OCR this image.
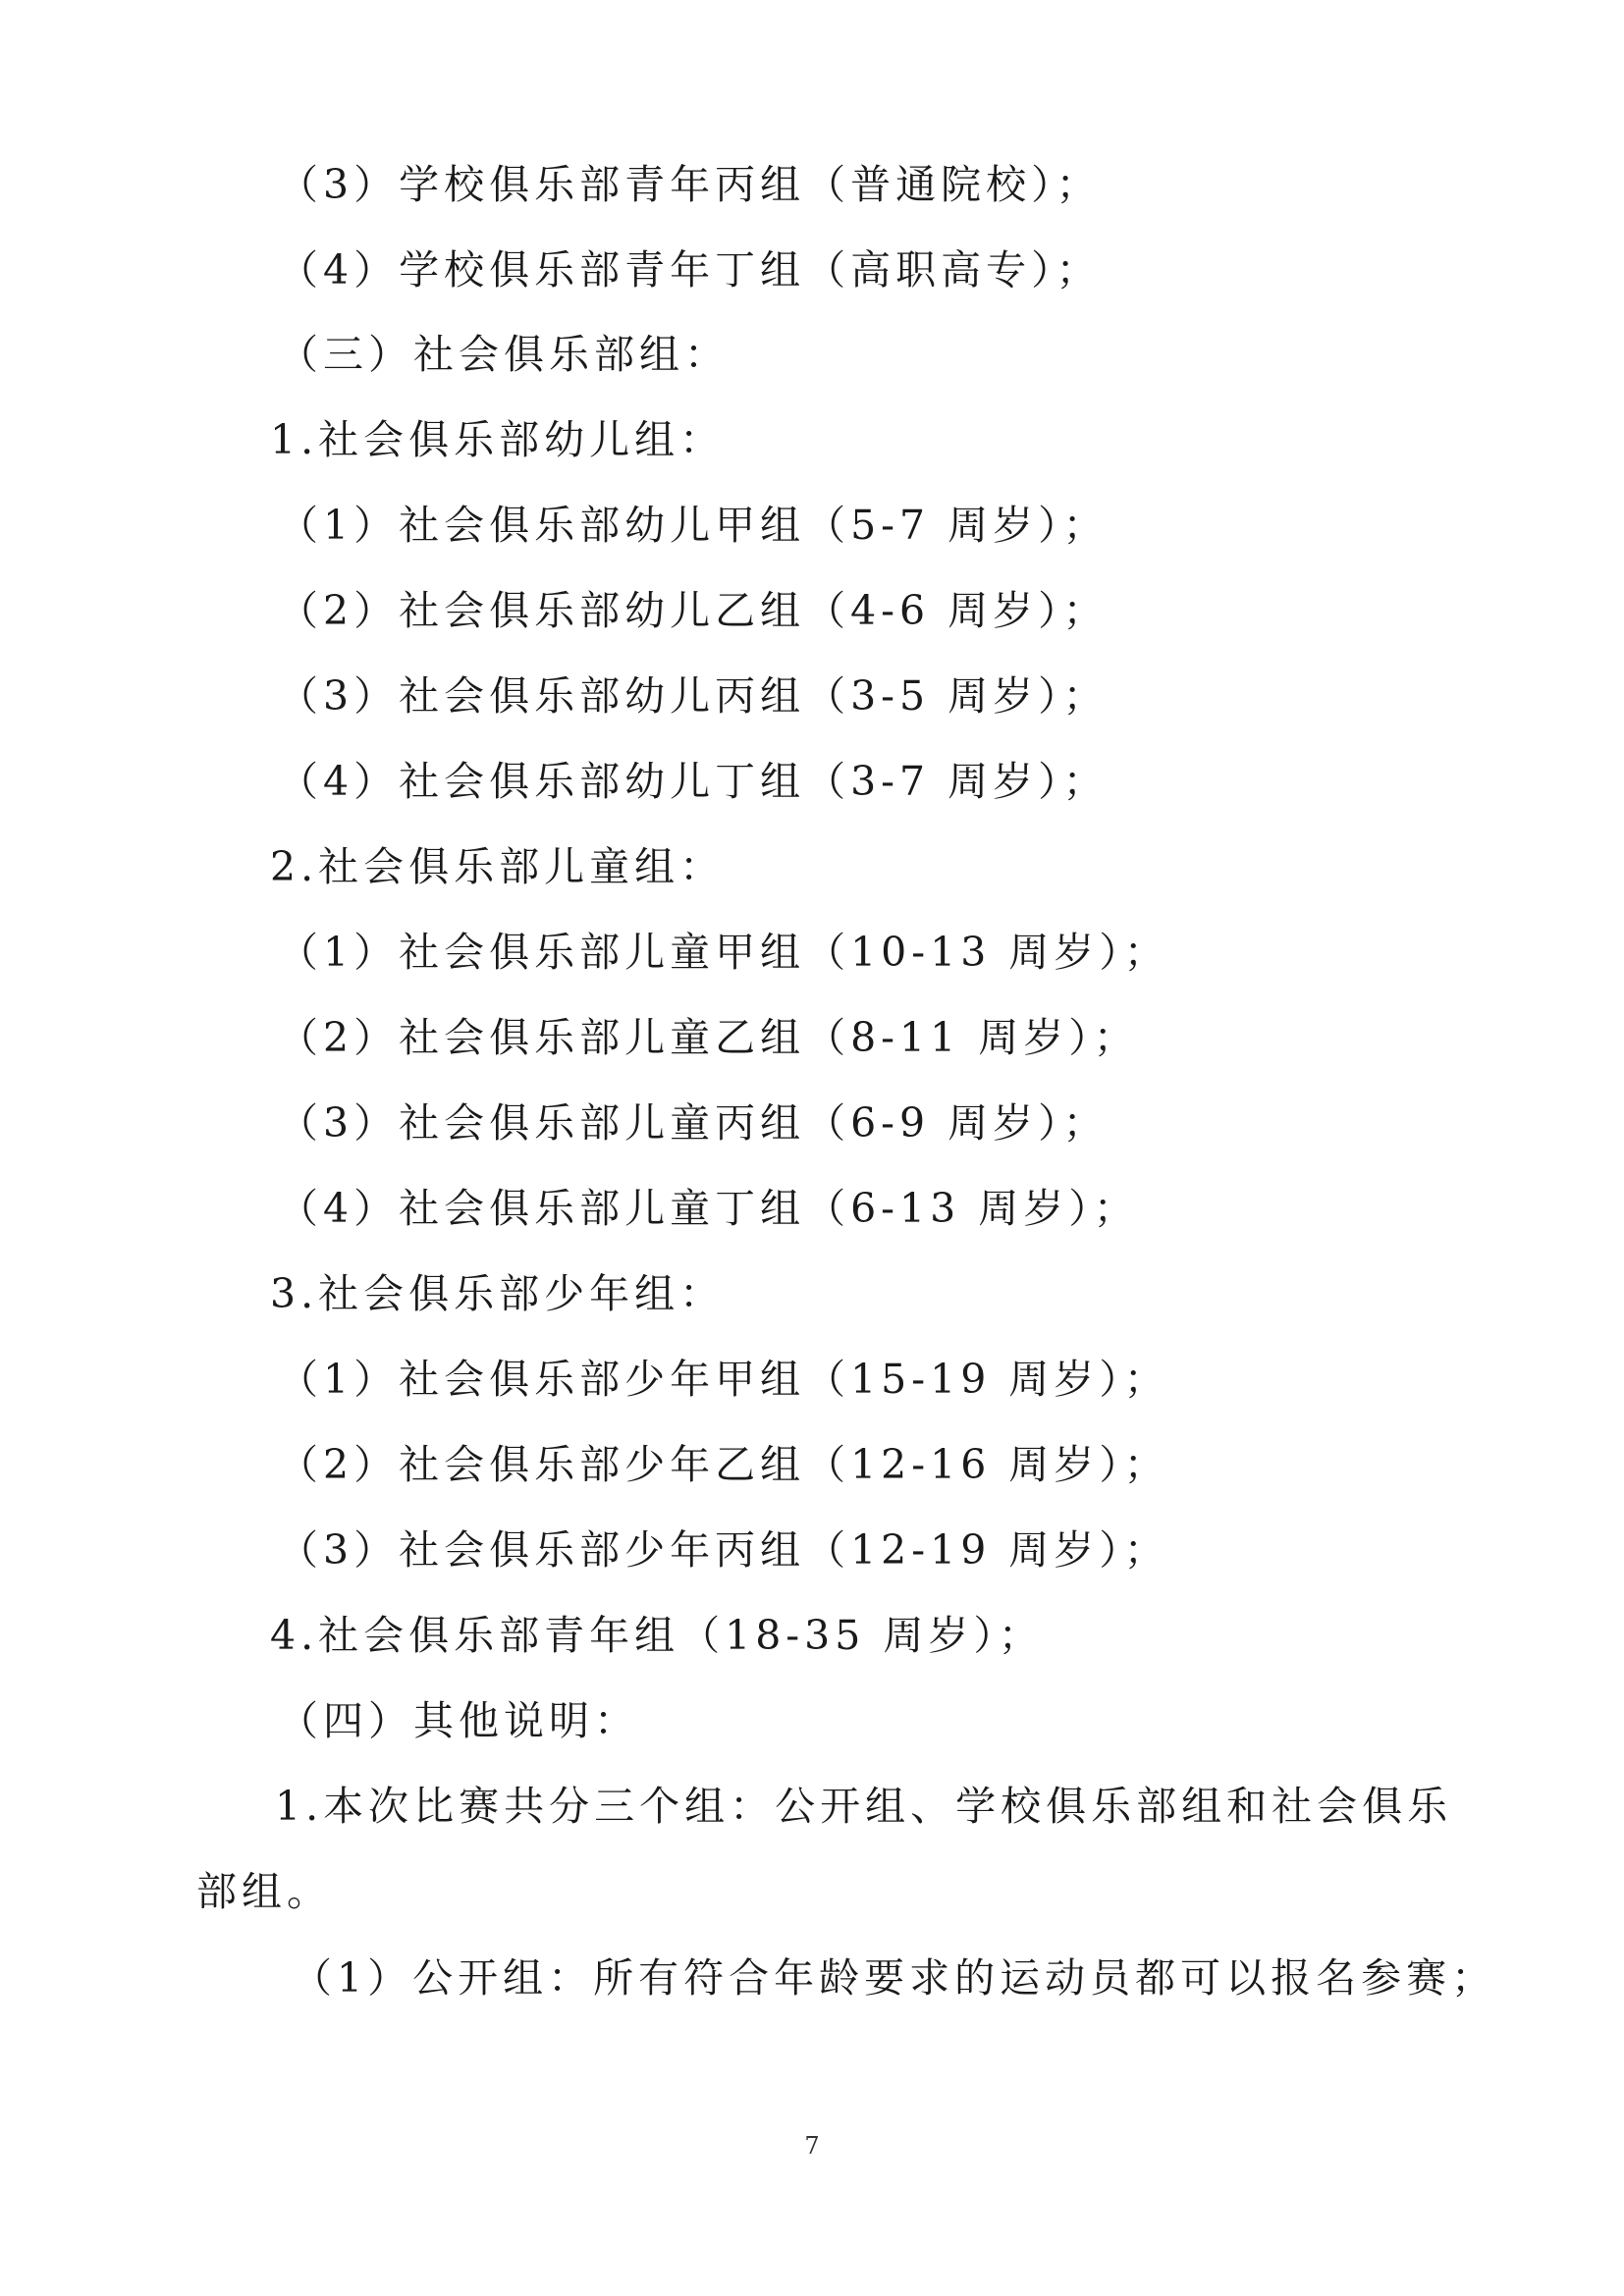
（3）学校俱乐部青年丙组（普通院校）；
（4）学校俱乐部青年丁组（高职高专）；
（三）社会俱乐部组：
1.社会俱乐部幼儿组：
（1）社会俱乐部幼儿甲组（5-7 周岁）；
（2）社会俱乐部幼儿乙组（4-6 周岁）；
（3）社会俱乐部幼儿丙组（3-5 周岁）；
（4）社会俱乐部幼儿丁组（3-7 周岁）；
2.社会俱乐部儿童组：
（1）社会俱乐部儿童甲组（10-13 周岁）；
（2）社会俱乐部儿童乙组（8-11 周岁）；
（3）社会俱乐部儿童丙组（6-9 周岁）；
（4）社会俱乐部儿童丁组（6-13 周岁）；
3.社会俱乐部少年组：
（1）社会俱乐部少年甲组（15-19 周岁）；
（2）社会俱乐部少年乙组（12-16 周岁）；
（3）社会俱乐部少年丙组（12-19 周岁）；
4.社会俱乐部青年组（18-35 周岁）；
（四）其他说明：
1.本次比赛共分三个组：公开组、学校俱乐部组和社会俱乐
部组。
（1）公开组：所有符合年龄要求的运动员都可以报名参赛；
7
